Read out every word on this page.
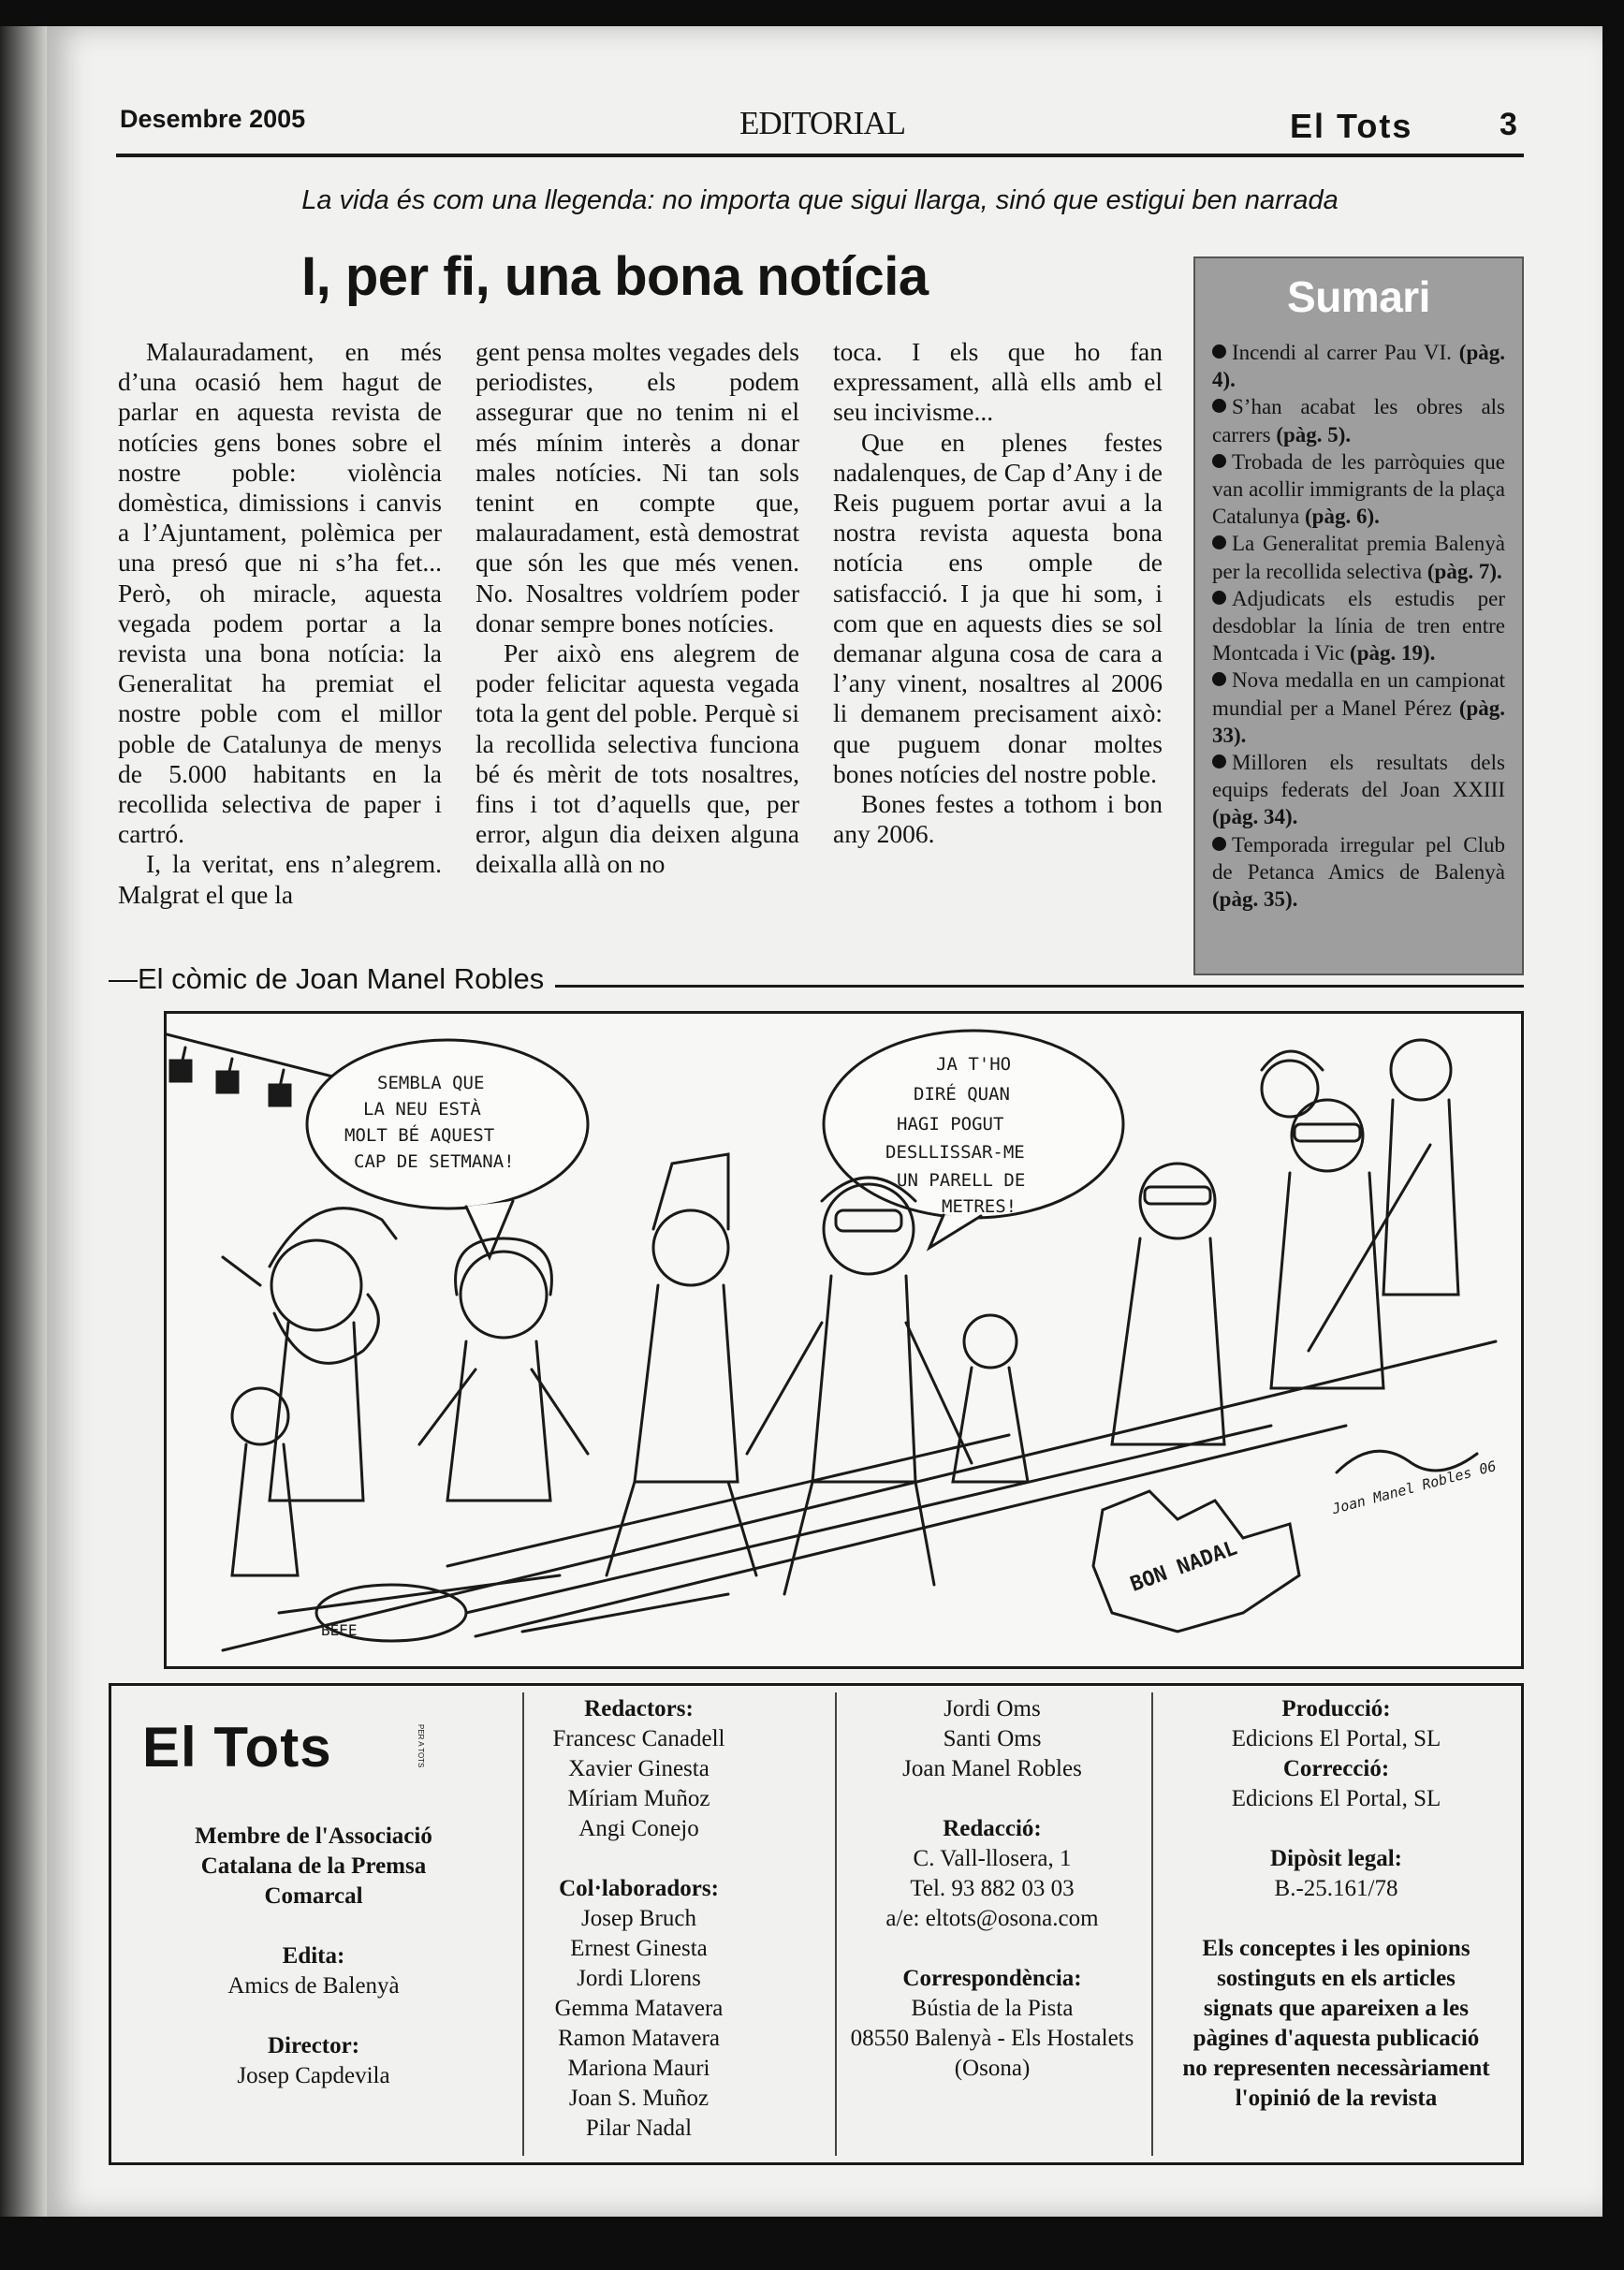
Desembre 2005	EDITORIAL	El Tots	3
La vida és com una llegenda: no importa que sigui llarga, sinó que estigui ben narrada
I, per fi, una bona notícia

Malauradament, en més d’una ocasió hem hagut de parlar en aquesta revista de notícies gens bones sobre el nostre poble: violència domèstica, dimissions i canvis a l’Ajuntament, polèmica per una presó que ni s’ha fet... Però, oh miracle, aquesta vegada podem portar a la revista una bona notícia: la Generalitat ha premiat el nostre poble com el millor poble de Catalunya de menys de 5.000 habitants en la recollida selectiva de paper i cartró.

I, la veritat, ens n’alegrem. Malgrat el que la

gent pensa moltes vegades dels periodistes, els podem assegurar que no tenim ni el més mínim interès a donar males notícies. Ni tan sols tenint en compte que, malauradament, està demostrat que són les que més venen. No. Nosaltres voldríem poder donar sempre bones notícies.

Per això ens alegrem de poder felicitar aquesta vegada tota la gent del poble. Perquè si la recollida selectiva funciona bé és mèrit de tots nosaltres, fins i tot d’aquells que, per error, algun dia deixen alguna deixalla allà on no

toca. I els que ho fan expressament, allà ells amb el seu incivisme...

Que en plenes festes nadalenques, de Cap d’Any i de Reis puguem portar avui a la nostra revista aquesta bona notícia ens omple de satisfacció. I ja que hi som, i com que en aquests dies se sol demanar alguna cosa de cara a l’any vinent, nosaltres al 2006 li demanem precisament això: que puguem donar moltes bones notícies del nostre poble.

Bones festes a tothom i bon any 2006.

Sumari
Incendi al carrer Pau VI. (pàg. 4).
S’han acabat les obres als carrers (pàg. 5).
Trobada de les parròquies que van acollir immigrants de la plaça Catalunya (pàg. 6).
La Generalitat premia Balenyà per la recollida selectiva (pàg. 7).
Adjudicats els estudis per desdoblar la línia de tren entre Montcada i Vic (pàg. 19).
Nova medalla en un campionat mundial per a Manel Pérez (pàg. 33).
Milloren els resultats dels equips federats del Joan XXIII (pàg. 34).
Temporada irregular pel Club de Petanca Amics de Balenyà (pàg. 35).
—El còmic de Joan Manel Robles
SEMBLA QUE
LA NEU ESTÀ
MOLT BÉ AQUEST
CAP DE SETMANA!
JA T'HO
DIRÉ QUAN
HAGI POGUT
DESLLISSAR-ME
UN PARELL DE
METRES!
BON NADAL
BEEE
Joan Manel Robles 06
El Tots	PER A TOTS
Membre de l'Associació Catalana de la Premsa Comarcal
Edita:
Amics de Balenyà
Director:
Josep Capdevila
Redactors:
Francesc Canadell
Xavier Ginesta
Míriam Muñoz
Angi Conejo
Col·laboradors:
Josep Bruch
Ernest Ginesta
Jordi Llorens
Gemma Matavera
Ramon Matavera
Mariona Mauri
Joan S. Muñoz
Pilar Nadal
Jordi Oms
Santi Oms
Joan Manel Robles
Redacció:
C. Vall-llosera, 1
Tel. 93 882 03 03
a/e: eltots@osona.com
Correspondència:
Bústia de la Pista
08550 Balenyà - Els Hostalets
(Osona)
Producció:
Edicions El Portal, SL
Correcció:
Edicions El Portal, SL
Dipòsit legal:
B.-25.161/78
Els conceptes i les opinions sostinguts en els articles signats que apareixen a les pàgines d'aquesta publicació no representen necessàriament l'opinió de la revista
